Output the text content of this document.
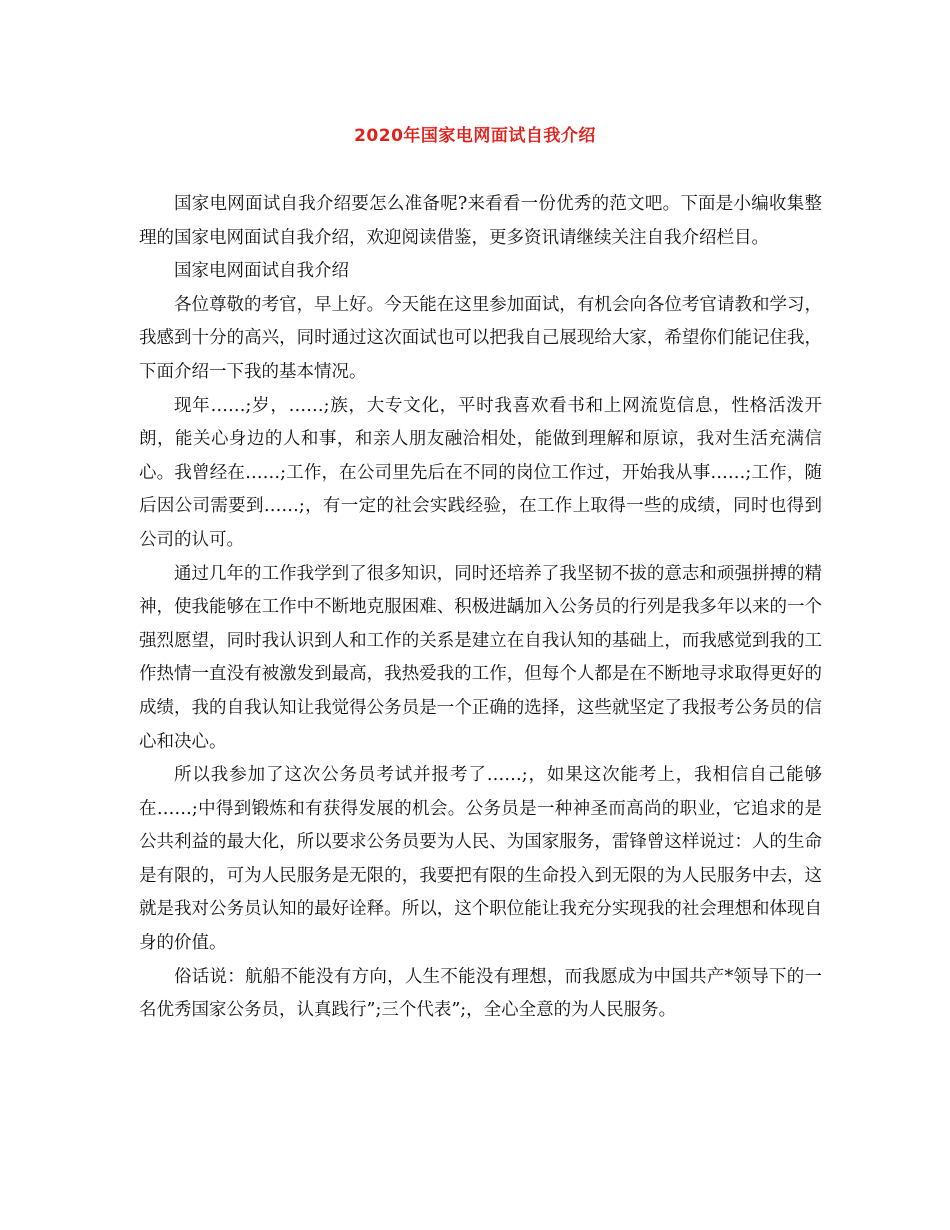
2020年国家电网面试自我介绍

国家电网面试自我介绍要怎么准备呢?来看看一份优秀的范文吧。下面是小编收集整理的国家电网面试自我介绍，欢迎阅读借鉴，更多资讯请继续关注自我介绍栏目。

国家电网面试自我介绍

各位尊敬的考官，早上好。今天能在这里参加面试，有机会向各位考官请教和学习，我感到十分的高兴，同时通过这次面试也可以把我自己展现给大家，希望你们能记住我，下面介绍一下我的基本情况。

现年……;岁，……;族，大专文化，平时我喜欢看书和上网流览信息，性格活泼开朗，能关心身边的人和事，和亲人朋友融洽相处，能做到理解和原谅，我对生活充满信心。我曾经在……;工作，在公司里先后在不同的岗位工作过，开始我从事……;工作，随后因公司需要到……;，有一定的社会实践经验，在工作上取得一些的成绩，同时也得到公司的认可。

通过几年的工作我学到了很多知识，同时还培养了我坚韧不拔的意志和顽强拼搏的精神，使我能够在工作中不断地克服困难、积极进龋加入公务员的行列是我多年以来的一个强烈愿望，同时我认识到人和工作的关系是建立在自我认知的基础上，而我感觉到我的工作热情一直没有被激发到最高，我热爱我的工作，但每个人都是在不断地寻求取得更好的成绩，我的自我认知让我觉得公务员是一个正确的选择，这些就坚定了我报考公务员的信心和决心。

所以我参加了这次公务员考试并报考了……;，如果这次能考上，我相信自己能够在……;中得到锻炼和有获得发展的机会。公务员是一种神圣而高尚的职业，它追求的是公共利益的最大化，所以要求公务员要为人民、为国家服务，雷锋曾这样说过：人的生命是有限的，可为人民服务是无限的，我要把有限的生命投入到无限的为人民服务中去，这就是我对公务员认知的最好诠释。所以，这个职位能让我充分实现我的社会理想和体现自身的价值。

俗话说：航船不能没有方向，人生不能没有理想，而我愿成为中国共产*领导下的一名优秀国家公务员，认真践行”;三个代表”;，全心全意的为人民服务。
